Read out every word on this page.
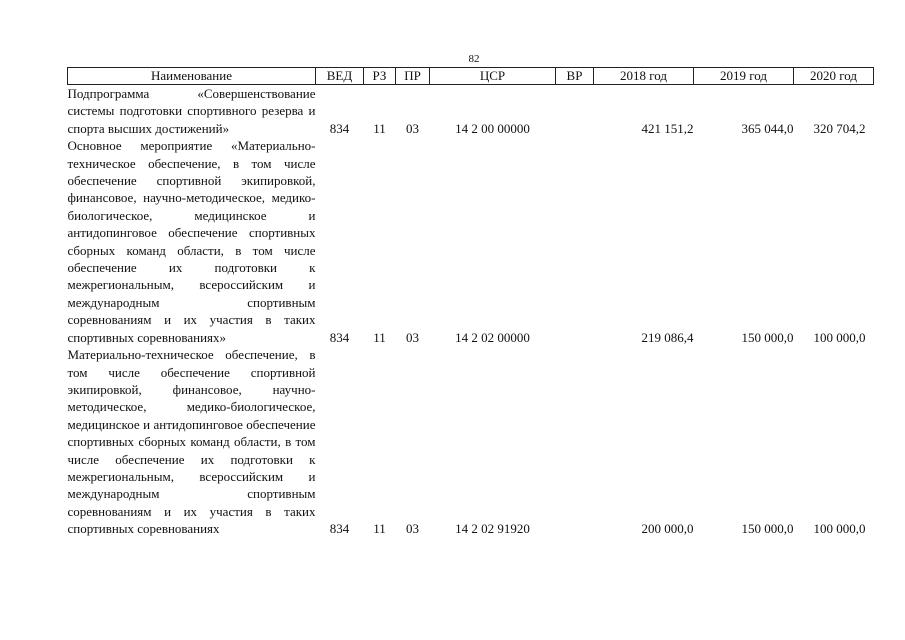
82
Наименование	ВЕД	РЗ	ПР	ЦСР	ВР	2018 год	2019 год	2020 год
Подпрограмма «Совершенствование системы подготовки спортивного резерва и спорта высших достижений»	834	11	03	14 2 00 00000		421 151,2	365 044,0	320 704,2
Основное мероприятие «Материально-техническое обеспечение, в том числе обеспечение спортивной экипировкой, финансовое, научно-методическое, медико-биологическое, медицинское и антидопинговое обеспечение спортивных сборных команд области, в том числе обеспечение их подготовки к межрегиональным, всероссийским и международным спортивным соревнованиям и их участия в таких спортивных соревнованиях»	834	11	03	14 2 02 00000		219 086,4	150 000,0	100 000,0
Материально-техническое обеспечение, в том числе обеспечение спортивной экипировкой, финансовое, научно-методическое, медико-биологическое, медицинское и антидопинговое обеспечение спортивных сборных команд области, в том числе обеспечение их подготовки к межрегиональным, всероссийским и международным спортивным соревнованиям и их участия в таких спортивных соревнованиях	834	11	03	14 2 02 91920		200 000,0	150 000,0	100 000,0
